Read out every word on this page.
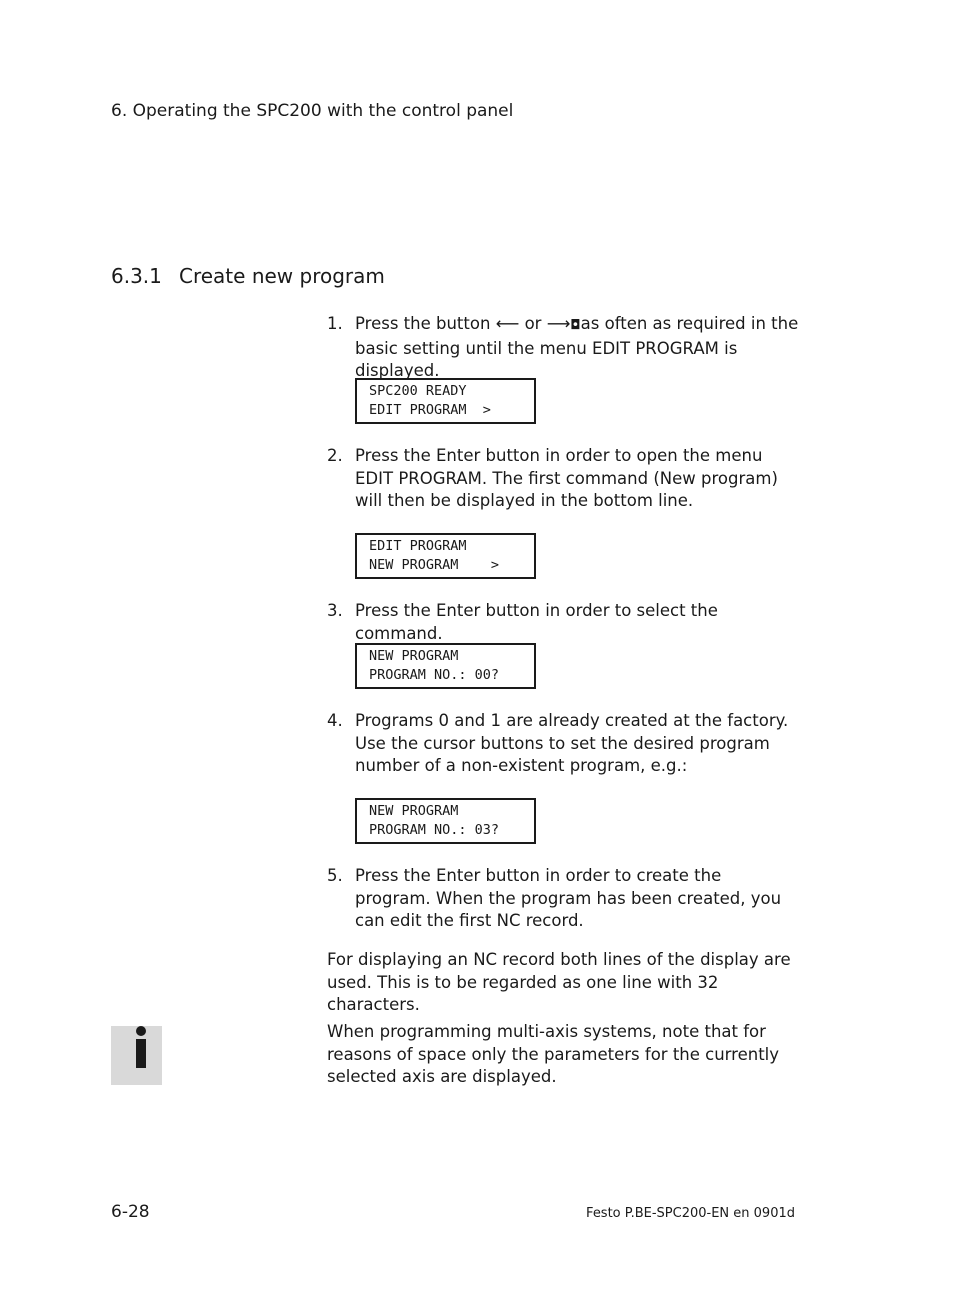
6. Operating the SPC200 with the control panel
6.3.1 Create new program
1. Press the button ⟵ or ⟶◘as often as required in the basic setting until the menu EDIT PROGRAM is displayed.
SPC200 READY
EDIT PROGRAM  >
2. Press the Enter button in order to open the menu EDIT PROGRAM. The first command (New program) will then be displayed in the bottom line.
EDIT PROGRAM
NEW PROGRAM    >
3. Press the Enter button in order to select the command.
NEW PROGRAM
PROGRAM NO.: 00?
4. Programs 0 and 1 are already created at the factory. Use the cursor buttons to set the desired program number of a non-existent program, e.g.:
NEW PROGRAM
PROGRAM NO.: 03?
5. Press the Enter button in order to create the program. When the program has been created, you can edit the first NC record.
For displaying an NC record both lines of the display are used. This is to be regarded as one line with 32 characters.
When programming multi-axis systems, note that for reasons of space only the parameters for the currently selected axis are displayed.
6-28	Festo P.BE-SPC200-EN en 0901d
